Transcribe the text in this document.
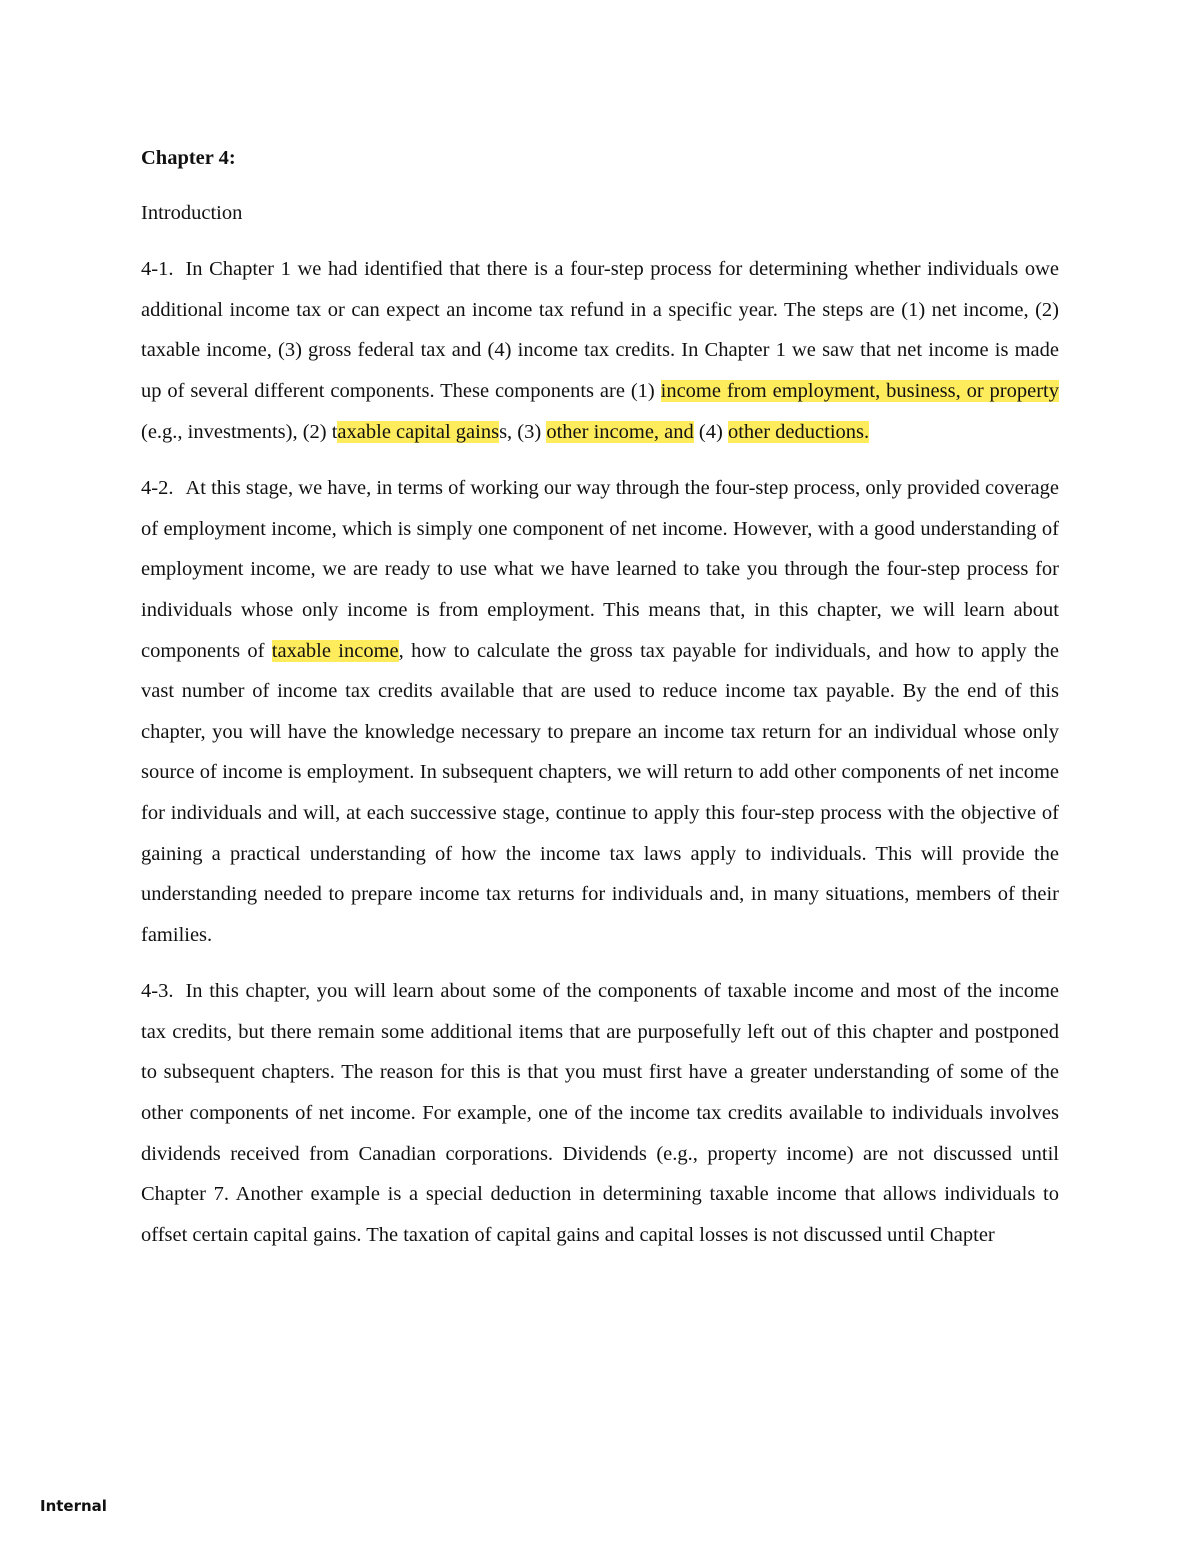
Chapter 4:
Introduction

4-1. In Chapter 1 we had identified that there is a four-step process for determining whether individuals owe additional income tax or can expect an income tax refund in a specific year. The steps are (1) net income, (2) taxable income, (3) gross federal tax and (4) income tax credits. In Chapter 1 we saw that net income is made up of several different components. These components are (1) income from employment, business, or property (e.g., investments), (2) taxable capital gainss, (3) other income, and (4) other deductions.

4-2. At this stage, we have, in terms of working our way through the four-step process, only provided coverage of employment income, which is simply one component of net income. However, with a good understanding of employment income, we are ready to use what we have learned to take you through the four-step process for individuals whose only income is from employment. This means that, in this chapter, we will learn about components of taxable income, how to calculate the gross tax payable for individuals, and how to apply the vast number of income tax credits available that are used to reduce income tax payable. By the end of this chapter, you will have the knowledge necessary to prepare an income tax return for an individual whose only source of income is employment. In subsequent chapters, we will return to add other components of net income for individuals and will, at each successive stage, continue to apply this four-step process with the objective of gaining a practical understanding of how the income tax laws apply to individuals. This will provide the understanding needed to prepare income tax returns for individuals and, in many situations, members of their families.

4-3. In this chapter, you will learn about some of the components of taxable income and most of the income tax credits, but there remain some additional items that are purposefully left out of this chapter and postponed to subsequent chapters. The reason for this is that you must first have a greater understanding of some of the other components of net income. For example, one of the income tax credits available to individuals involves dividends received from Canadian corporations. Dividends (e.g., property income) are not discussed until Chapter 7. Another example is a special deduction in determining taxable income that allows individuals to offset certain capital gains. The taxation of capital gains and capital losses is not discussed until Chapter

Internal
